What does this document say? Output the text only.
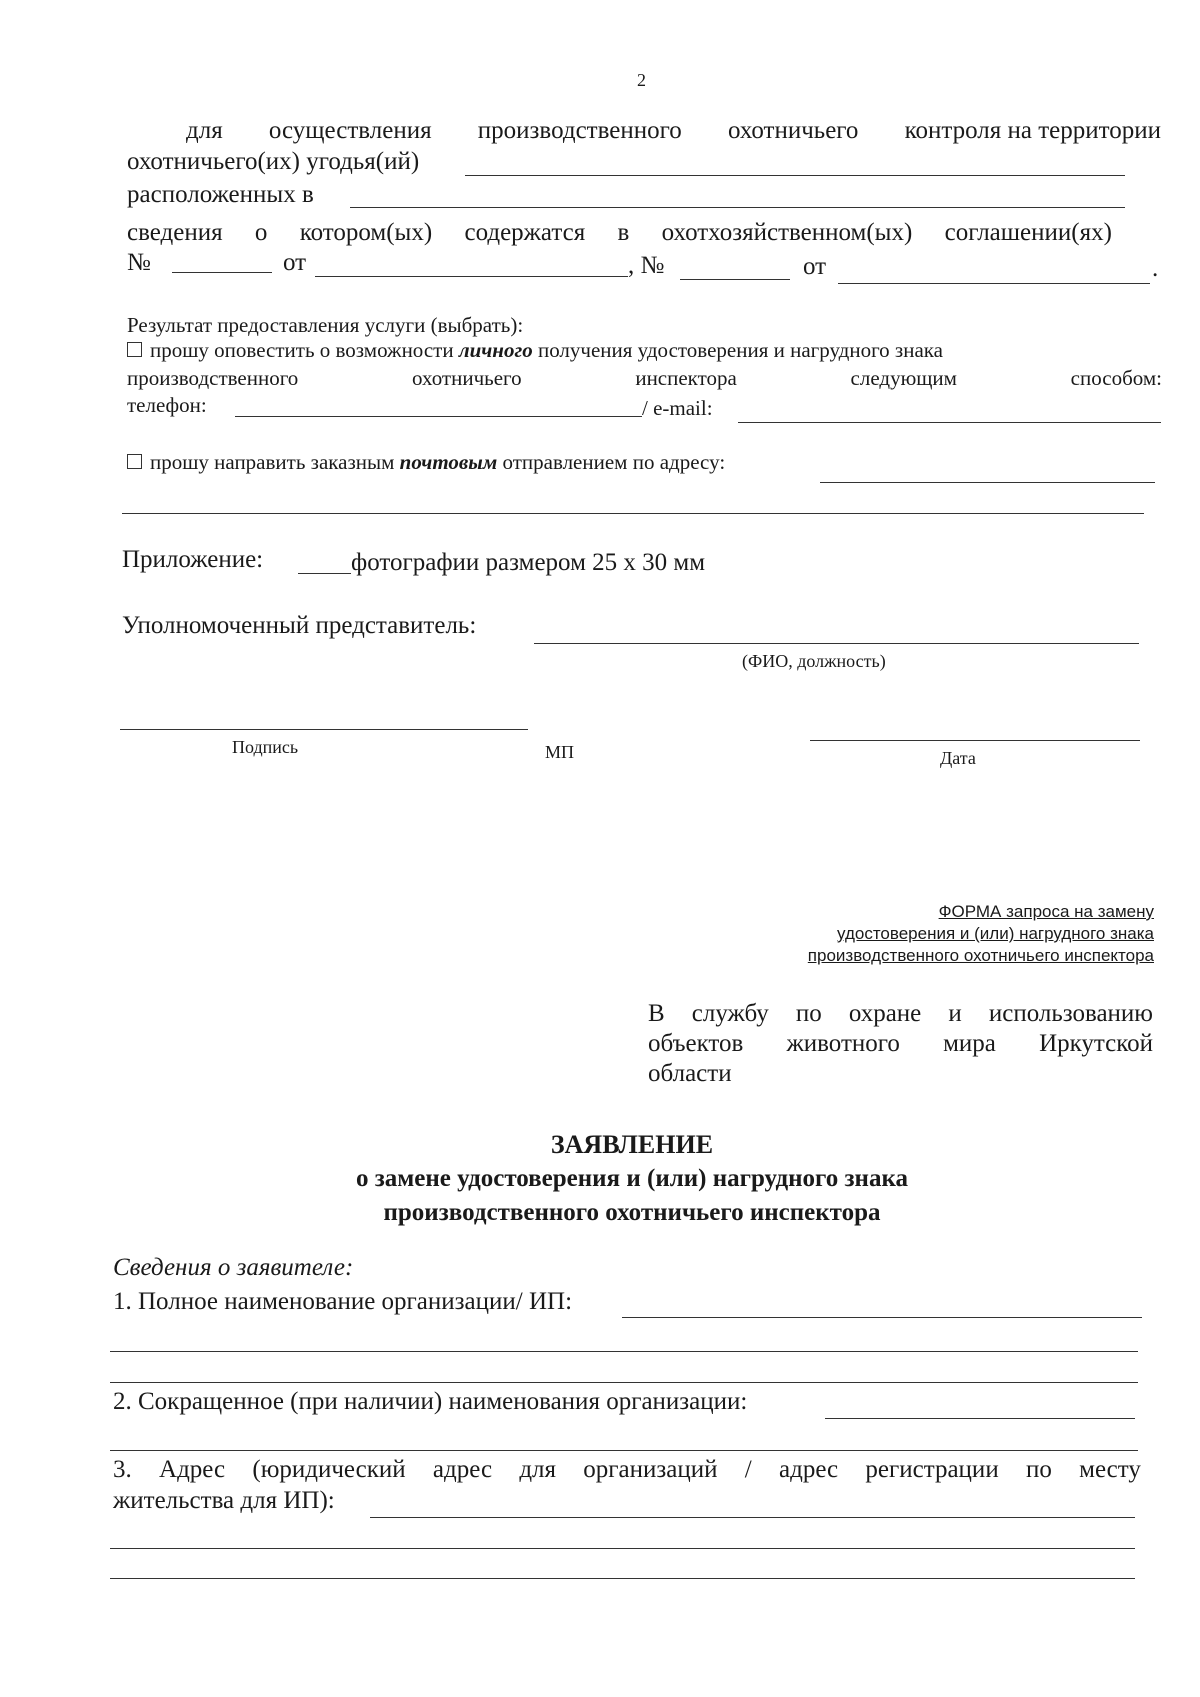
2
для осуществления производственного охотничьего контроля на территории
охотничьего(их) угодья(ий)
расположенных в
сведения о котором(ых) содержатся в охотхозяйственном(ых) соглашении(ях)
№	от	, №	от	.
Результат предоставления услуги (выбрать):
прошу оповестить о возможности личного получения удостоверения и нагрудного знака
производственного	охотничьего	инспектора	следующим	способом:
телефон:	/ e-mail:
прошу направить заказным почтовым отправлением по адресу:
Приложение:	фотографии размером 25 х 30 мм
Уполномоченный представитель:
(ФИО, должность)
Подпись	МП	Дата
ФОРМА запроса на замену
удостоверения и (или) нагрудного знака
производственного охотничьего инспектора
В службу по охране и использованию
объектов животного мира Иркутской
области
ЗАЯВЛЕНИЕ
о замене удостоверения и (или) нагрудного знака
производственного охотничьего инспектора
Сведения о заявителе:
1. Полное наименование организации/ ИП:
2. Сокращенное (при наличии) наименования организации:
3. Адрес (юридический адрес для организаций / адрес регистрации по месту
жительства для ИП):
